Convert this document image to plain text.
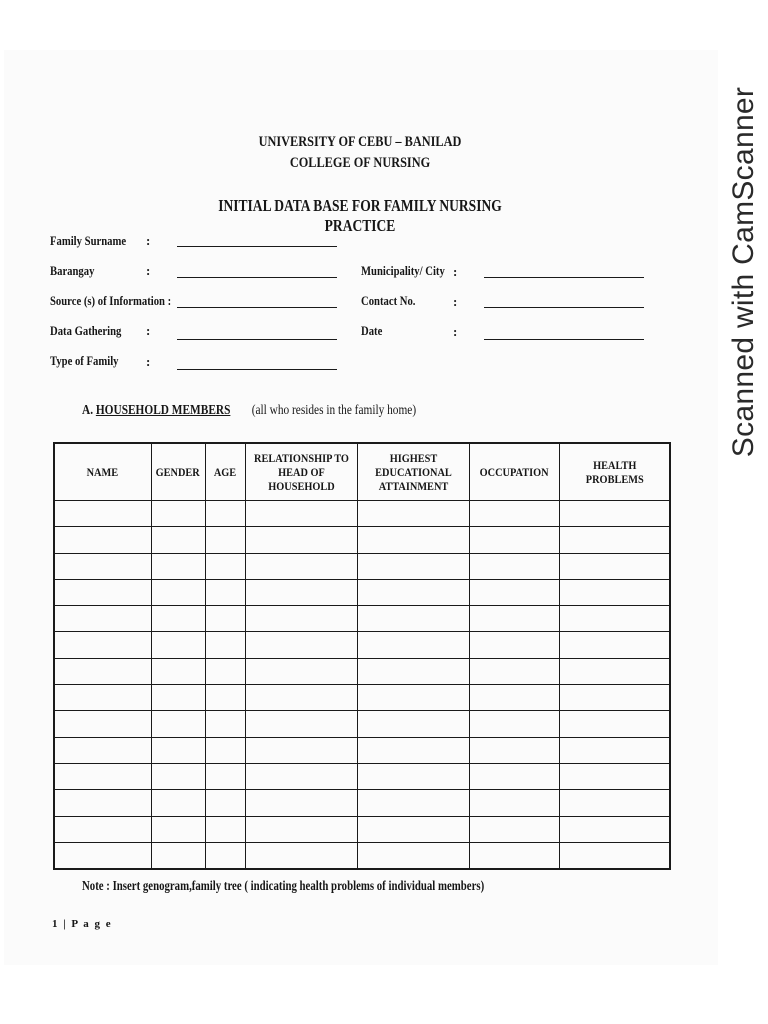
Scanned with CamScanner
UNIVERSITY OF CEBU – BANILAD
COLLEGE OF NURSING
INITIAL DATA BASE FOR FAMILY NURSING PRACTICE
Family Surname :
Barangay	:
Source (s) of Information :
Data Gathering :
Type of Family :
Municipality/ City :
Contact No.	:
Date	:
A. HOUSEHOLD MEMBERS (all who resides in the family home)
NAME	GENDER	AGE	RELATIONSHIP TO HEAD OF HOUSEHOLD	HIGHEST EDUCATIONAL ATTAINMENT	OCCUPATION	HEALTH PROBLEMS

Note : Insert genogram,family tree ( indicating health problems of individual members)
1 | P a g e
